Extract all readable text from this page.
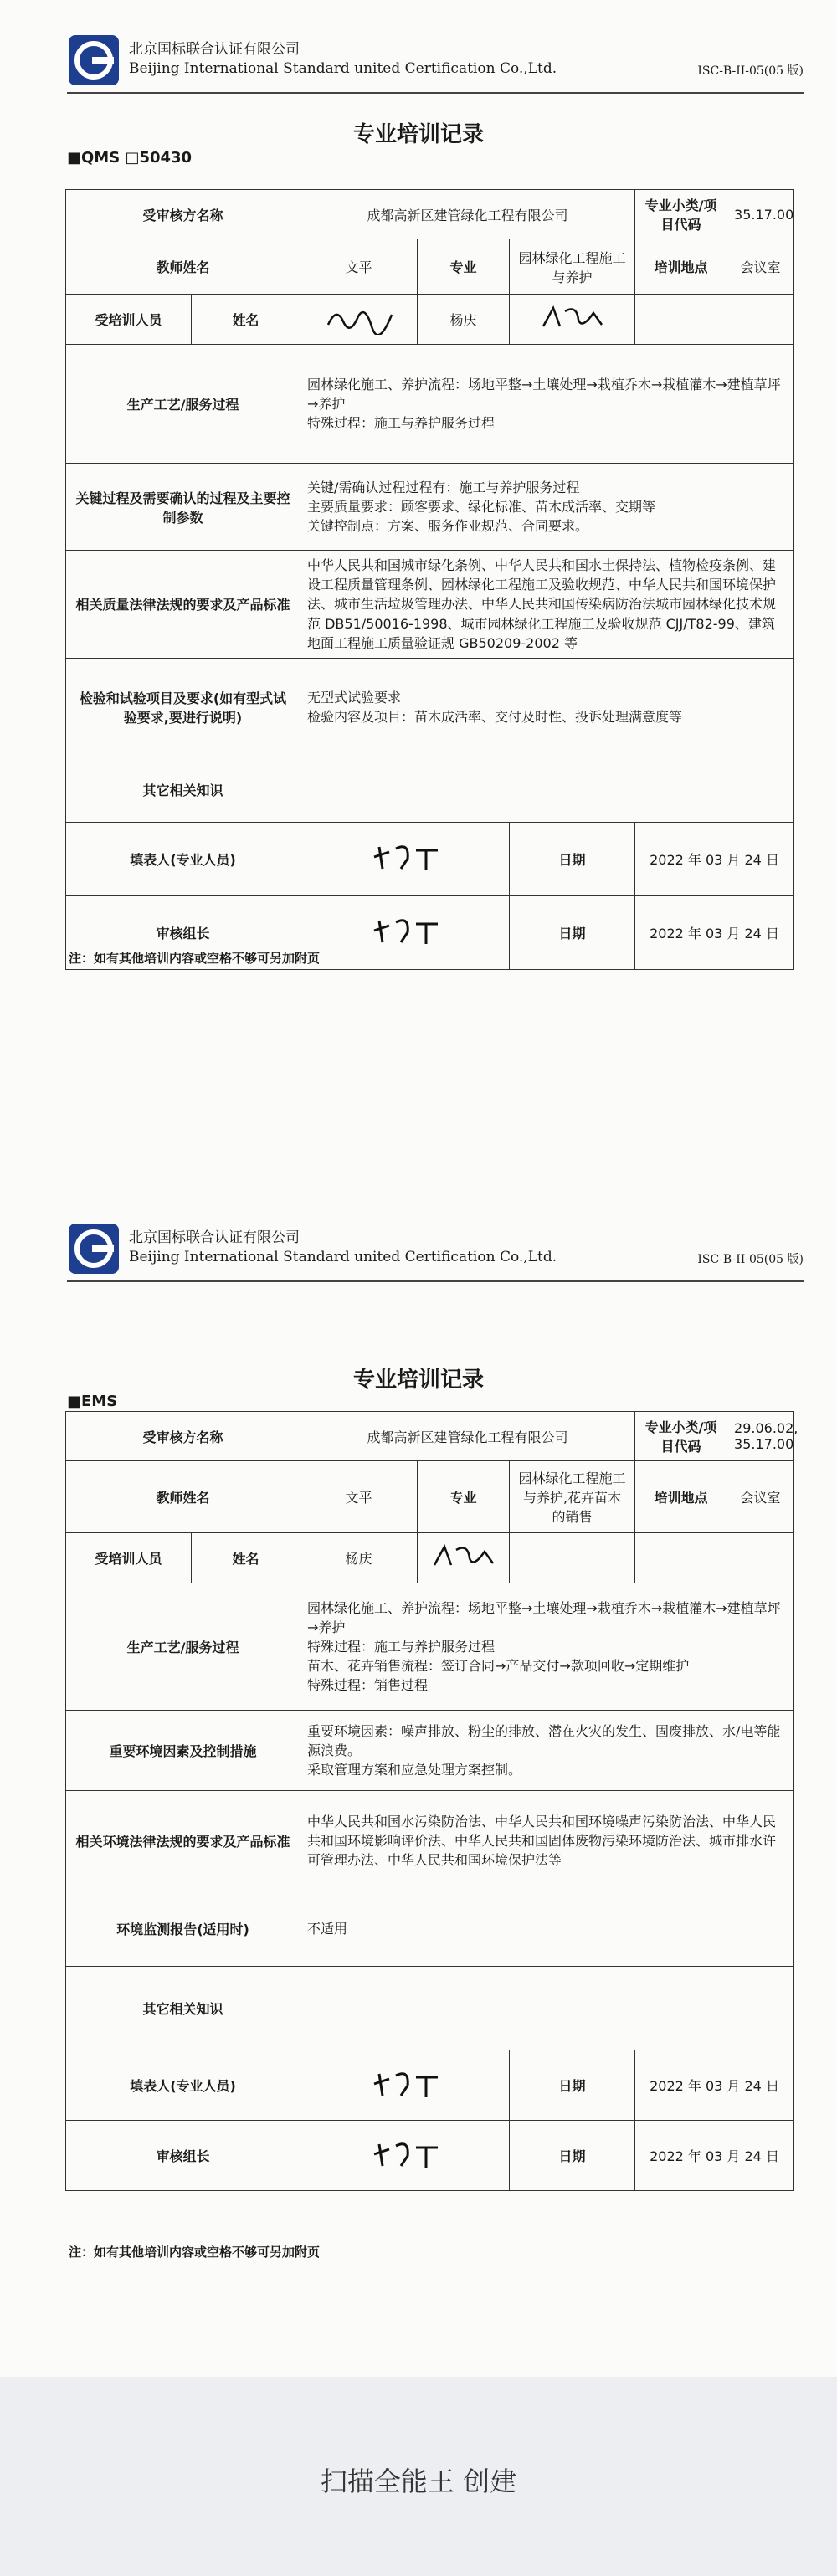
北京国标联合认证有限公司
Beijing International Standard united Certification Co.,Ltd.	ISC-B-II-05(05 版)
专业培训记录
■QMS □50430
受审核方名称		成都高新区建管绿化工程有限公司			专业小类/项目代码	35.17.00
教师姓名		文平	专业	园林绿化工程施工与养护	培训地点	会议室
受培训人员	姓名		杨庆			
生产工艺/服务过程		园林绿化施工、养护流程：场地平整→土壤处理→栽植乔木→栽植灌木→建植草坪→养护
特殊过程：施工与养护服务过程				

关键过程及需要确认的过程及主要控制参数		关键/需确认过程过程有：施工与养护服务过程
主要质量要求：顾客要求、绿化标准、苗木成活率、交期等
关键控制点：方案、服务作业规范、合同要求。				

相关质量法律法规的要求及产品标准		中华人民共和国城市绿化条例、中华人民共和国水土保持法、植物检疫条例、建设工程质量管理条例、园林绿化工程施工及验收规范、中华人民共和国环境保护法、城市生活垃圾管理办法、中华人民共和国传染病防治法城市园林绿化技术规范 DB51/50016-1998、城市园林绿化工程施工及验收规范 CJJ/T82-99、建筑地面工程施工质量验证规 GB50209-2002 等				
检验和试验项目及要求(如有型式试验要求,要进行说明)		无型式试验要求
检验内容及项目：苗木成活率、交付及时性、投诉处理满意度等				

其它相关知识						
填表人(专业人员)				日期	2022 年 03 月 24 日	
审核组长				日期	2022 年 03 月 24 日	
注：如有其他培训内容或空格不够可另加附页
北京国标联合认证有限公司
Beijing International Standard united Certification Co.,Ltd.	ISC-B-II-05(05 版)
专业培训记录
■EMS
受审核方名称		成都高新区建管绿化工程有限公司			专业小类/项目代码	29.06.02, 35.17.00
教师姓名		文平	专业	园林绿化工程施工与养护,花卉苗木的销售	培训地点	会议室
受培训人员	姓名	杨庆				
生产工艺/服务过程		园林绿化施工、养护流程：场地平整→土壤处理→栽植乔木→栽植灌木→建植草坪→养护
特殊过程：施工与养护服务过程
苗木、花卉销售流程：签订合同→产品交付→款项回收→定期维护
特殊过程：销售过程				

重要环境因素及控制措施		重要环境因素：噪声排放、粉尘的排放、潜在火灾的发生、固废排放、水/电等能源浪费。
采取管理方案和应急处理方案控制。				

相关环境法律法规的要求及产品标准		中华人民共和国水污染防治法、中华人民共和国环境噪声污染防治法、中华人民共和国环境影响评价法、中华人民共和国固体废物污染环境防治法、城市排水许可管理办法、中华人民共和国环境保护法等				
环境监测报告(适用时)		不适用				
其它相关知识						
填表人(专业人员)				日期	2022 年 03 月 24 日	
审核组长				日期	2022 年 03 月 24 日	
注：如有其他培训内容或空格不够可另加附页
扫描全能王 创建
